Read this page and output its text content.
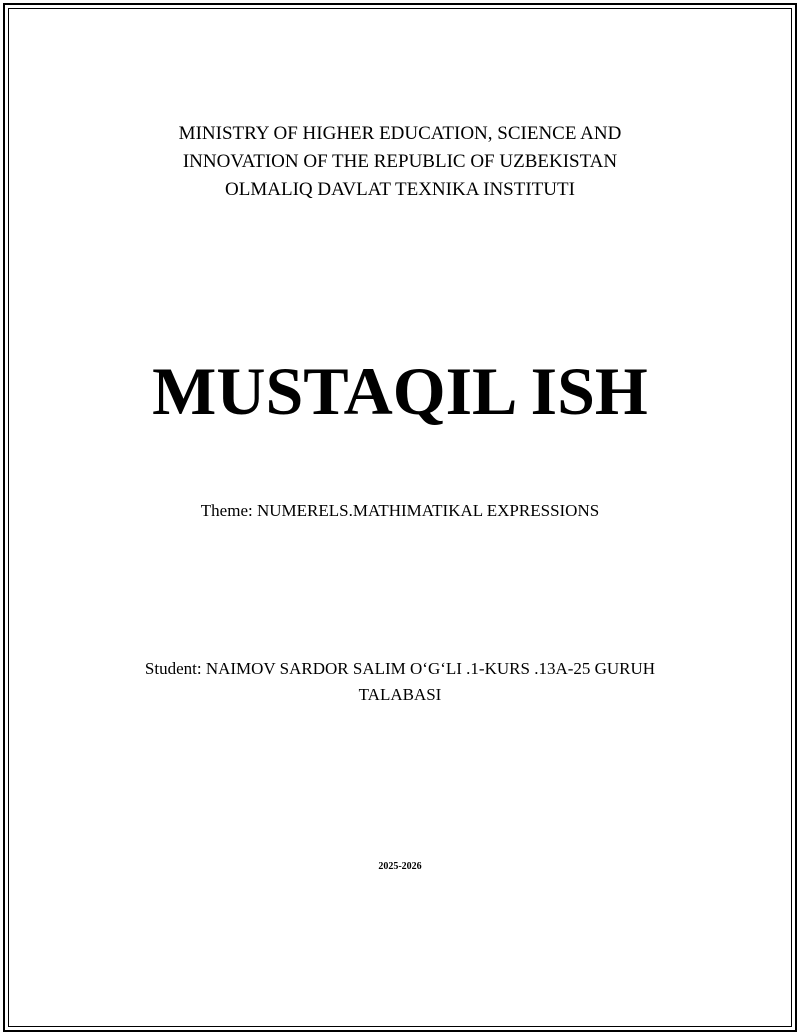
MINISTRY OF HIGHER EDUCATION, SCIENCE AND

INNOVATION OF THE REPUBLIC OF UZBEKISTAN

OLMALIQ DAVLAT TEXNIKA INSTITUTI

MUSTAQIL ISH

Theme: NUMERELS.MATHIMATIKAL EXPRESSIONS

Student: NAIMOV SARDOR SALIM O‘G‘LI .1-KURS .13A-25 GURUH

TALABASI

2025-2026
